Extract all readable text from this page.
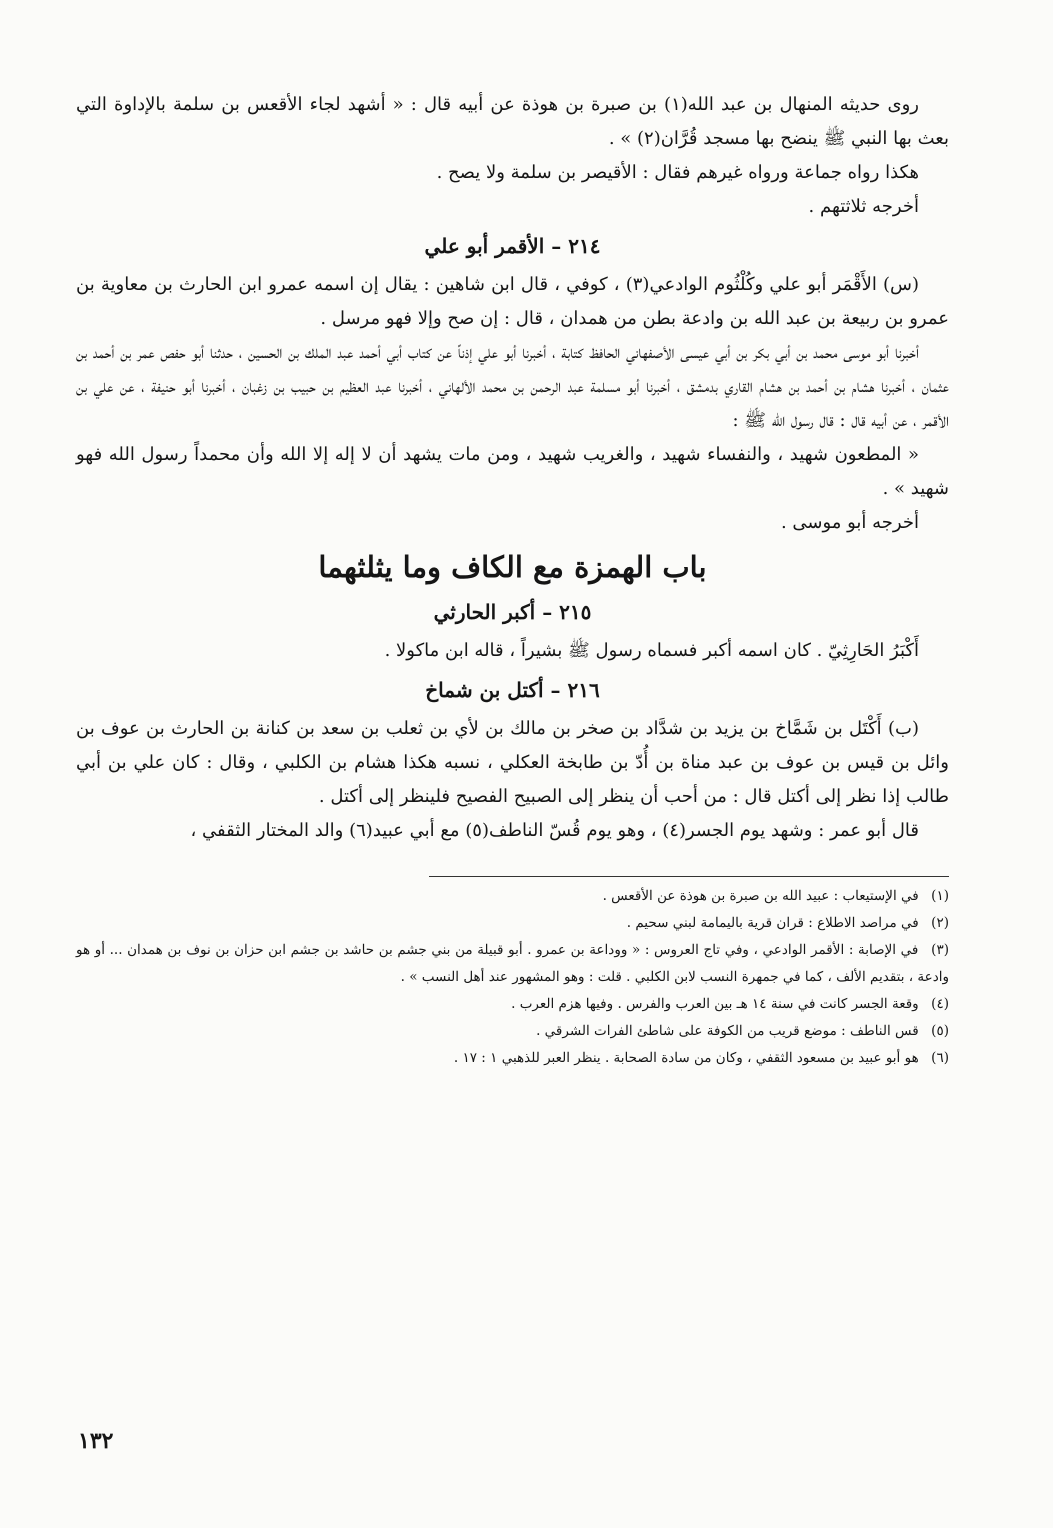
روى حديثه المنهال بن عبد الله(١) بن صبرة بن هوذة عن أبيه قال : « أشهد لجاء الأقعس بن سلمة بالإداوة التي بعث بها النبي ﷺ ينضح بها مسجد قُرَّان(٢) » .

هكذا رواه جماعة ورواه غيرهم فقال : الأقيصر بن سلمة ولا يصح .

أخرجه ثلاثتهم .

٢١٤ – الأقمر أبو علي

(س) الأَقْمَر أبو علي وكُلْثُوم الوادعي(٣) ، كوفي ، قال ابن شاهين : يقال إن اسمه عمرو ابن الحارث بن معاوية بن عمرو بن ربيعة بن عبد الله بن وادعة بطن من همدان ، قال : إن صح وإلا فهو مرسل .

أخبرنا أبو موسى محمد بن أبي بكر بن أبي عيسى الأصفهاني الحافظ كتابة ، أخبرنا أبو علي إذناً عن كتاب أبي أحمد عبد الملك بن الحسين ، حدثنا أبو حفص عمر بن أحمد بن عثمان ، أخبرنا هشام بن أحمد بن هشام القاري بدمشق ، أخبرنا أبو مسلمة عبد الرحمن بن محمد الألهاني ، أخبرنا عبد العظيم بن حبيب بن زغبان ، أخبرنا أبو حنيفة ، عن علي بن الأقمر ، عن أبيه قال : قال رسول الله ﷺ :

« المطعون شهيد ، والنفساء شهيد ، والغريب شهيد ، ومن مات يشهد أن لا إله إلا الله وأن محمداً رسول الله فهو شهيد » .

أخرجه أبو موسى .

باب الهمزة مع الكاف وما يثلثهما
٢١٥ – أكبر الحارثي

أَكْبَرُ الحَارِثِيّ . كان اسمه أكبر فسماه رسول ﷺ بشيراً ، قاله ابن ماكولا .

٢١٦ – أكتل بن شماخ

(ب) أَكْتَل بن شَمَّاخ بن يزيد بن شدَّاد بن صخر بن مالك بن لأي بن ثعلب بن سعد بن كنانة بن الحارث بن عوف بن وائل بن قيس بن عوف بن عبد مناة بن أُدّ بن طابخة العكلي ، نسبه هكذا هشام بن الكلبي ، وقال : كان علي بن أبي طالب إذا نظر إلى أكتل قال : من أحب أن ينظر إلى الصبيح الفصيح فلينظر إلى أكتل .

قال أبو عمر : وشهد يوم الجسر(٤) ، وهو يوم قُسّ الناطف(٥) مع أبي عبيد(٦) والد المختار الثقفي ،

(١) في الإستيعاب : عبيد الله بن صبرة بن هوذة عن الأقعس .

(٢) في مراصد الاطلاع : قران قرية باليمامة لبني سحيم .

(٣) في الإصابة : الأقمر الوادعي ، وفي تاج العروس : « ووداعة بن عمرو . أبو قبيلة من بني جشم بن حاشد بن جشم ابن حزان بن نوف بن همدان ... أو هو وادعة ، بتقديم الألف ، كما في جمهرة النسب لابن الكلبي . قلت : وهو المشهور عند أهل النسب » .

(٤) وقعة الجسر كانت في سنة ١٤ هـ بين العرب والفرس . وفيها هزم العرب .

(٥) قس الناطف : موضع قريب من الكوفة على شاطئ الفرات الشرقي .

(٦) هو أبو عبيد بن مسعود الثقفي ، وكان من سادة الصحابة . ينظر العبر للذهبي ١ : ١٧ .

١٣٢
